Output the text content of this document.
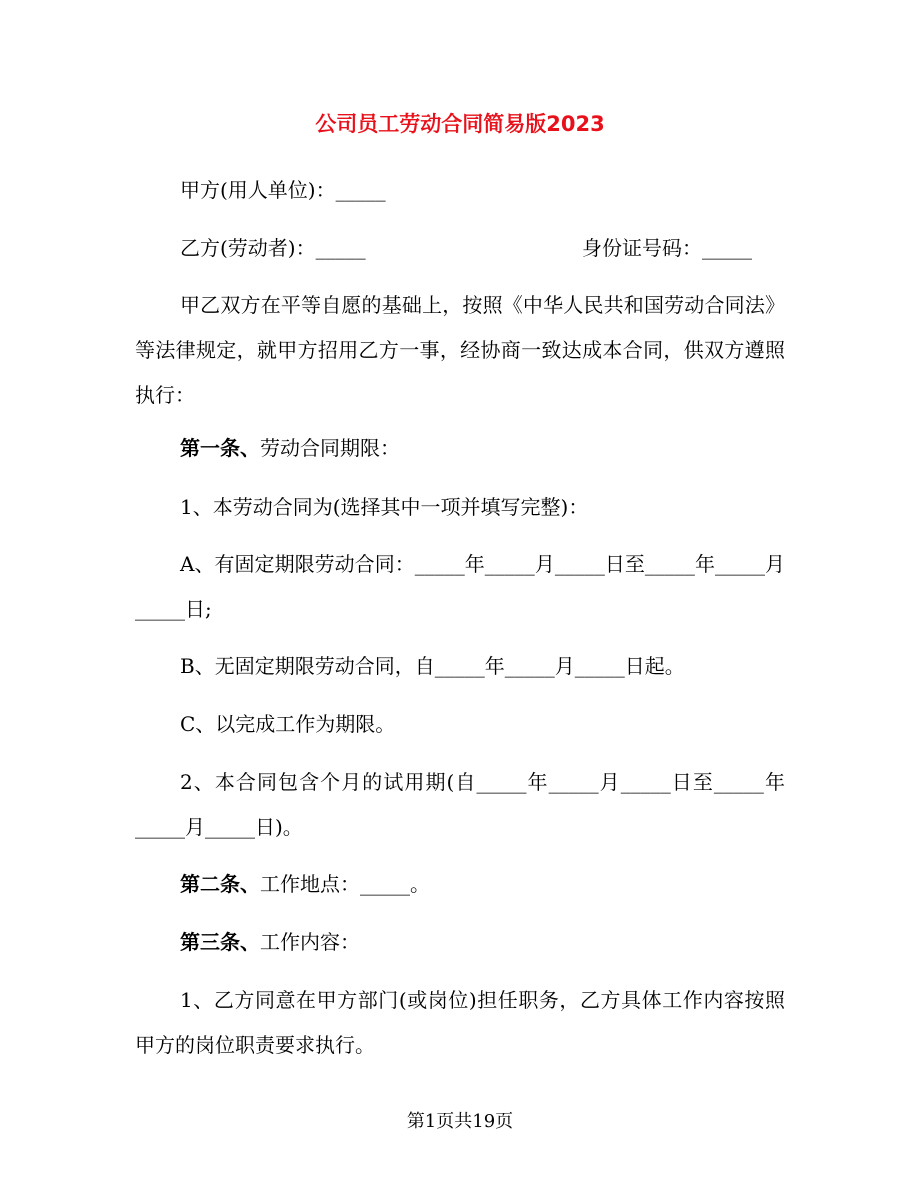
公司员工劳动合同简易版2023
甲方(用人单位)：_____
乙方(劳动者)：_____	身份证号码：_____
甲乙双方在平等自愿的基础上，按照《中华人民共和国劳动合同法》等法律规定，就甲方招用乙方一事，经协商一致达成本合同，供双方遵照执行：
第一条、劳动合同期限：
1、本劳动合同为(选择其中一项并填写完整)：
A、有固定期限劳动合同：_____年_____月_____日至_____年_____月_____日;
B、无固定期限劳动合同，自_____年_____月_____日起。
C、以完成工作为期限。
2、本合同包含个月的试用期(自_____年_____月_____日至_____年_____月_____日)。
第二条、工作地点：_____。
第三条、工作内容：
1、乙方同意在甲方部门(或岗位)担任职务，乙方具体工作内容按照甲方的岗位职责要求执行。
第1页共19页
